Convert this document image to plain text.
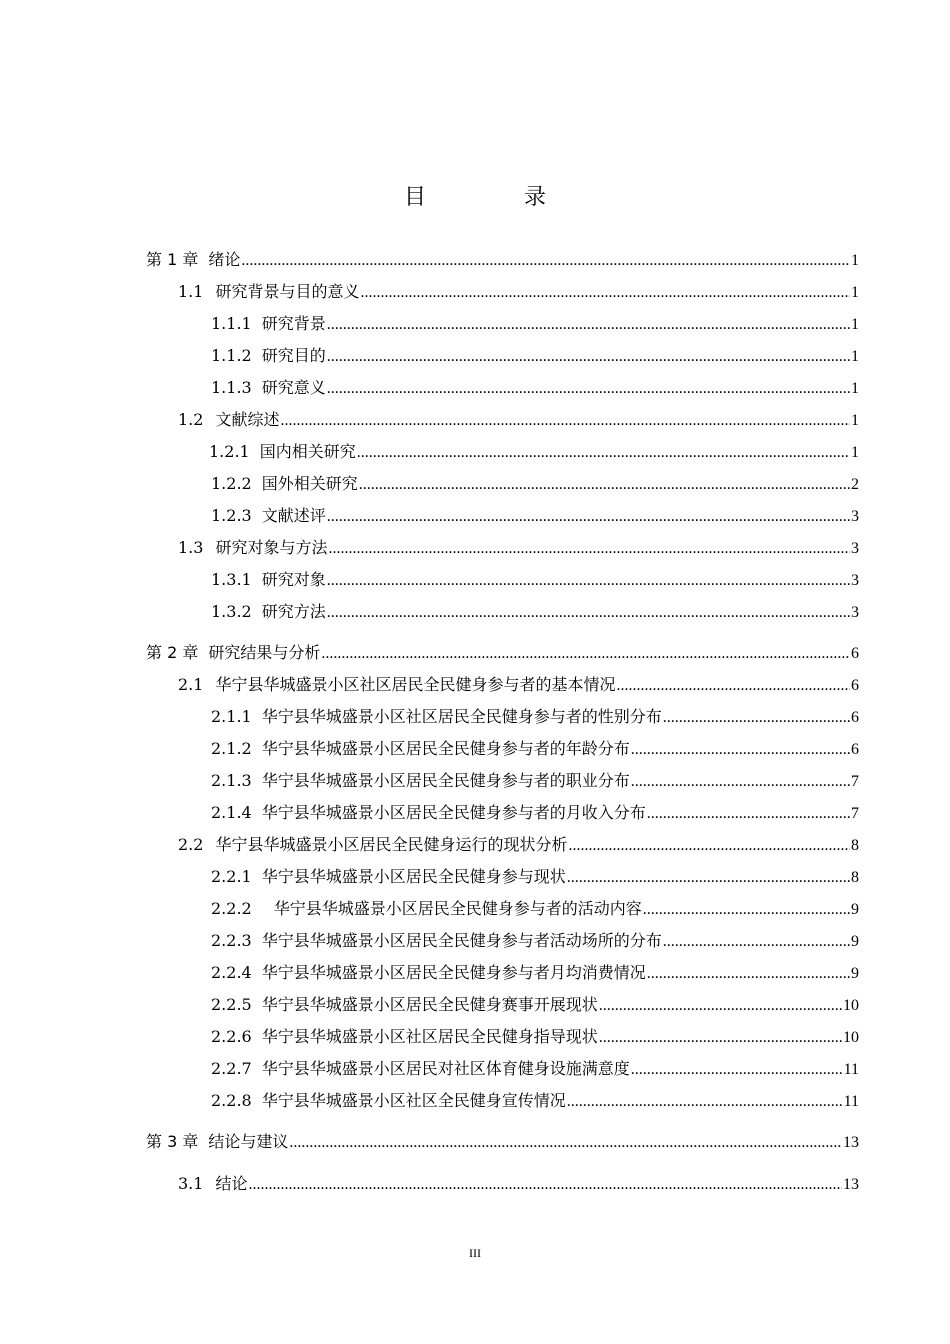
目　录
第 1 章 绪论 .....	1
1.1 研究背景与目的意义 .....	1
1.1.1 研究背景 .....	1
1.1.2 研究目的 .....	1
1.1.3 研究意义 .....	1
1.2 文献综述 .....	1
1.2.1 国内相关研究 .....	1
1.2.2 国外相关研究 .....	2
1.2.3 文献述评 .....	3
1.3 研究对象与方法 .....	3
1.3.1 研究对象 .....	3
1.3.2 研究方法 .....	3
第 2 章 研究结果与分析 .....	6
2.1 华宁县华城盛景小区社区居民全民健身参与者的基本情况 .....	6
2.1.1 华宁县华城盛景小区社区居民全民健身参与者的性别分布 .....	6
2.1.2 华宁县华城盛景小区居民全民健身参与者的年龄分布 .....	6
2.1.3 华宁县华城盛景小区居民全民健身参与者的职业分布 .....	7
2.1.4 华宁县华城盛景小区居民全民健身参与者的月收入分布 .....	7
2.2 华宁县华城盛景小区居民全民健身运行的现状分析 .....	8
2.2.1 华宁县华城盛景小区居民全民健身参与现状 .....	8
2.2.2 华宁县华城盛景小区居民全民健身参与者的活动内容 .....	9
2.2.3 华宁县华城盛景小区居民全民健身参与者活动场所的分布 .....	9
2.2.4 华宁县华城盛景小区居民全民健身参与者月均消费情况 .....	9
2.2.5 华宁县华城盛景小区居民全民健身赛事开展现状 .....	10
2.2.6 华宁县华城盛景小区社区居民全民健身指导现状 .....	10
2.2.7 华宁县华城盛景小区居民对社区体育健身设施满意度 .....	11
2.2.8 华宁县华城盛景小区社区全民健身宣传情况 .....	11
第 3 章 结论与建议 .....	13
3.1 结论 .....	13
III
